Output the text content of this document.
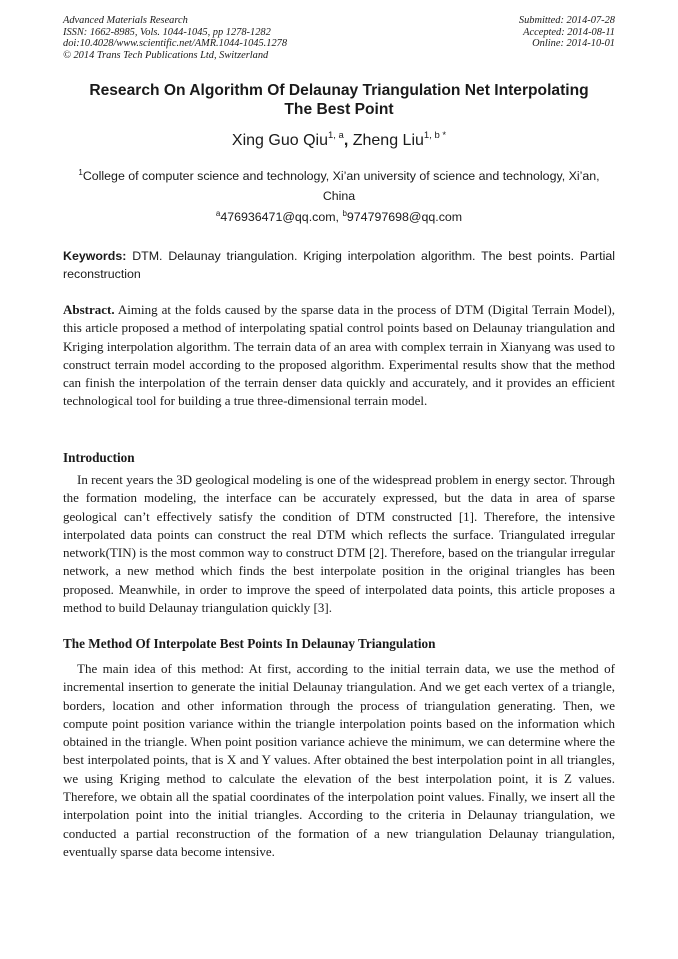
Advanced Materials Research
ISSN: 1662-8985, Vols. 1044-1045, pp 1278-1282
doi:10.4028/www.scientific.net/AMR.1044-1045.1278
© 2014 Trans Tech Publications Ltd, Switzerland
Submitted: 2014-07-28
Accepted: 2014-08-11
Online: 2014-10-01
Research On Algorithm Of Delaunay Triangulation Net Interpolating
The Best Point
Xing Guo Qiu$^{1, a}$, Zheng Liu$^{1, b *}$
$^1$College of computer science and technology, Xi’an university of science and technology, Xi’an, China
$^a$476936471@qq.com, $^b$974797698@qq.com
Keywords: DTM. Delaunay triangulation. Kriging interpolation algorithm. The best points. Partial reconstruction
Abstract. Aiming at the folds caused by the sparse data in the process of DTM (Digital Terrain Model), this article proposed a method of interpolating spatial control points based on Delaunay triangulation and Kriging interpolation algorithm. The terrain data of an area with complex terrain in Xianyang was used to construct terrain model according to the proposed algorithm. Experimental results show that the method can finish the interpolation of the terrain denser data quickly and accurately, and it provides an efficient technological tool for building a true three-dimensional terrain model.
Introduction
In recent years the 3D geological modeling is one of the widespread problem in energy sector. Through the formation modeling, the interface can be accurately expressed, but the data in area of sparse geological can’t effectively satisfy the condition of DTM constructed [1]. Therefore, the intensive interpolated data points can construct the real DTM which reflects the surface. Triangulated irregular network(TIN) is the most common way to construct DTM [2]. Therefore, based on the triangular irregular network, a new method which finds the best interpolate position in the original triangles has been proposed. Meanwhile, in order to improve the speed of interpolated data points, this article proposes a method to build Delaunay triangulation quickly [3].
The Method Of Interpolate Best Points In Delaunay Triangulation
The main idea of this method: At first, according to the initial terrain data, we use the method of incremental insertion to generate the initial Delaunay triangulation. And we get each vertex of a triangle, borders, location and other information through the process of triangulation generating. Then, we compute point position variance within the triangle interpolation points based on the information which obtained in the triangle. When point position variance achieve the minimum, we can determine where the best interpolated points, that is X and Y values. After obtained the best interpolation point in all triangles, we using Kriging method to calculate the elevation of the best interpolation point, it is Z values. Therefore, we obtain all the spatial coordinates of the interpolation point values. Finally, we insert all the interpolation point into the initial triangles. According to the criteria in Delaunay triangulation, we conducted a partial reconstruction of the formation of a new triangulation Delaunay triangulation, eventually sparse data become intensive.
